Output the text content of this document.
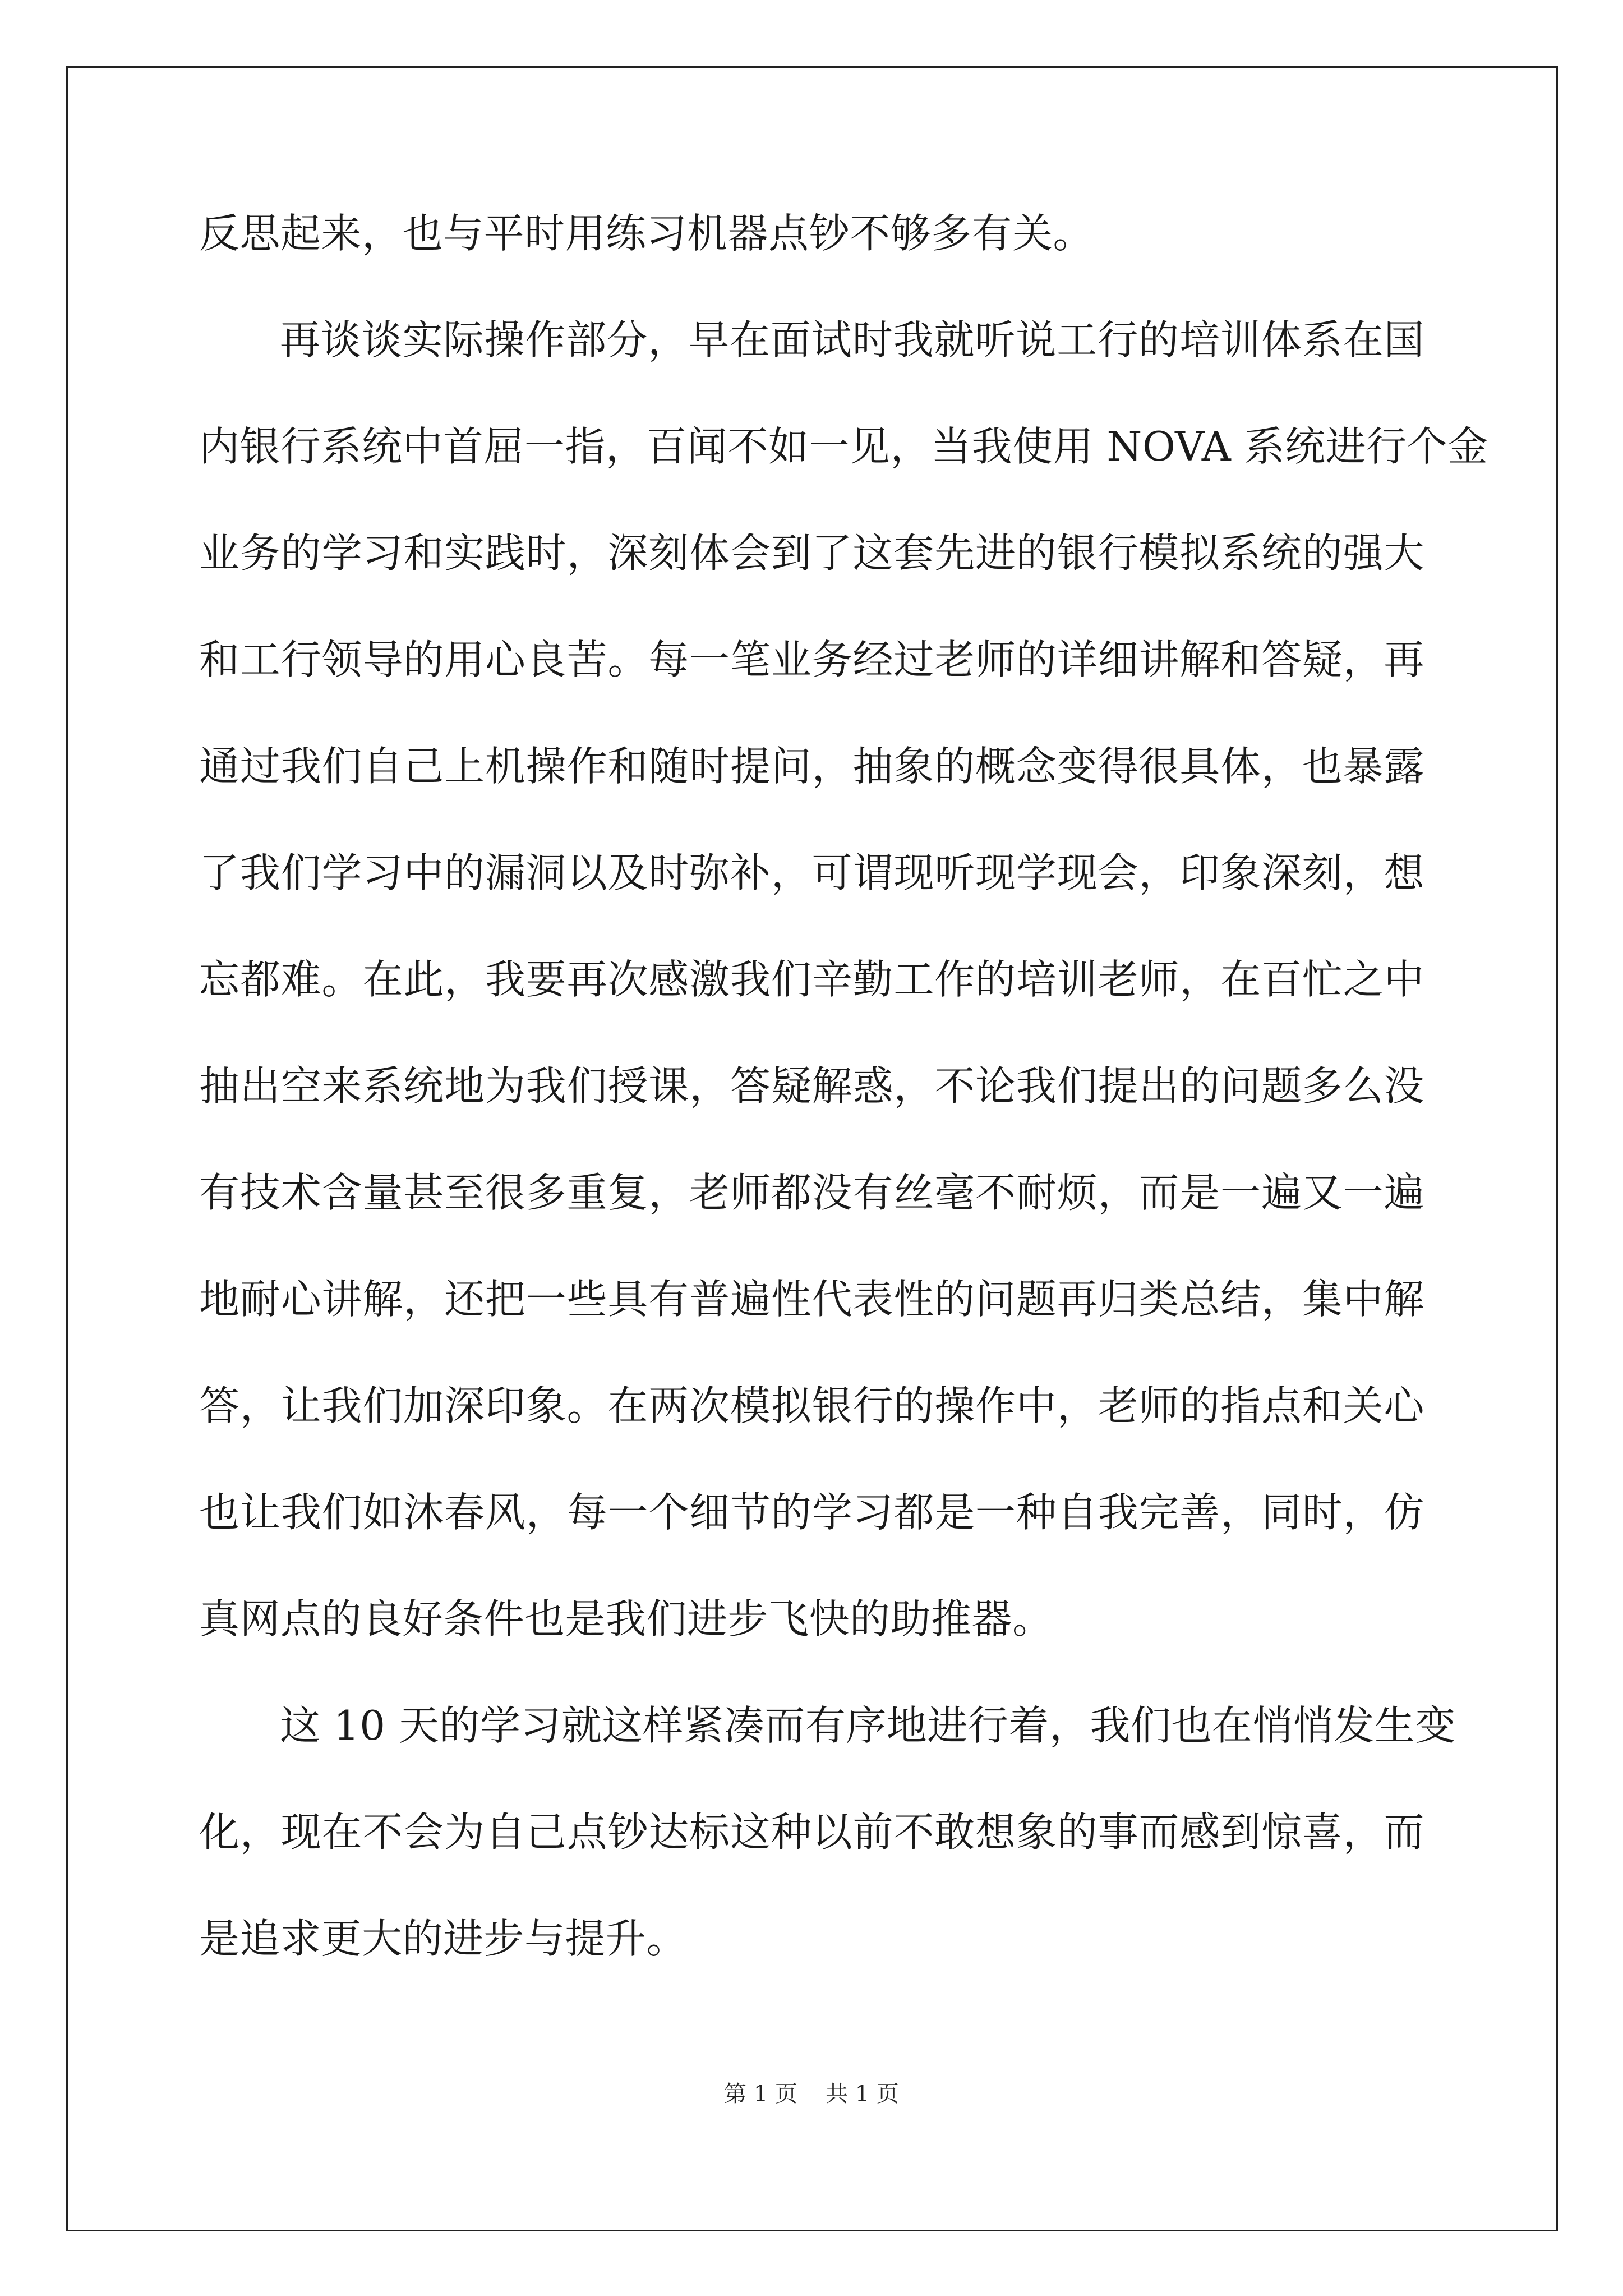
反思起来，也与平时用练习机器点钞不够多有关。
再谈谈实际操作部分，早在面试时我就听说工行的培训体系在国
内银行系统中首屈一指，百闻不如一见，当我使用 NOVA 系统进行个金
业务的学习和实践时，深刻体会到了这套先进的银行模拟系统的强大
和工行领导的用心良苦。每一笔业务经过老师的详细讲解和答疑，再
通过我们自己上机操作和随时提问，抽象的概念变得很具体，也暴露
了我们学习中的漏洞以及时弥补，可谓现听现学现会，印象深刻，想
忘都难。在此，我要再次感激我们辛勤工作的培训老师，在百忙之中
抽出空来系统地为我们授课，答疑解惑，不论我们提出的问题多么没
有技术含量甚至很多重复，老师都没有丝毫不耐烦，而是一遍又一遍
地耐心讲解，还把一些具有普遍性代表性的问题再归类总结，集中解
答，让我们加深印象。在两次模拟银行的操作中，老师的指点和关心
也让我们如沐春风，每一个细节的学习都是一种自我完善，同时，仿
真网点的良好条件也是我们进步飞快的助推器。
这 10 天的学习就这样紧凑而有序地进行着，我们也在悄悄发生变
化，现在不会为自己点钞达标这种以前不敢想象的事而感到惊喜，而
是追求更大的进步与提升。
第 1 页 共 1 页
